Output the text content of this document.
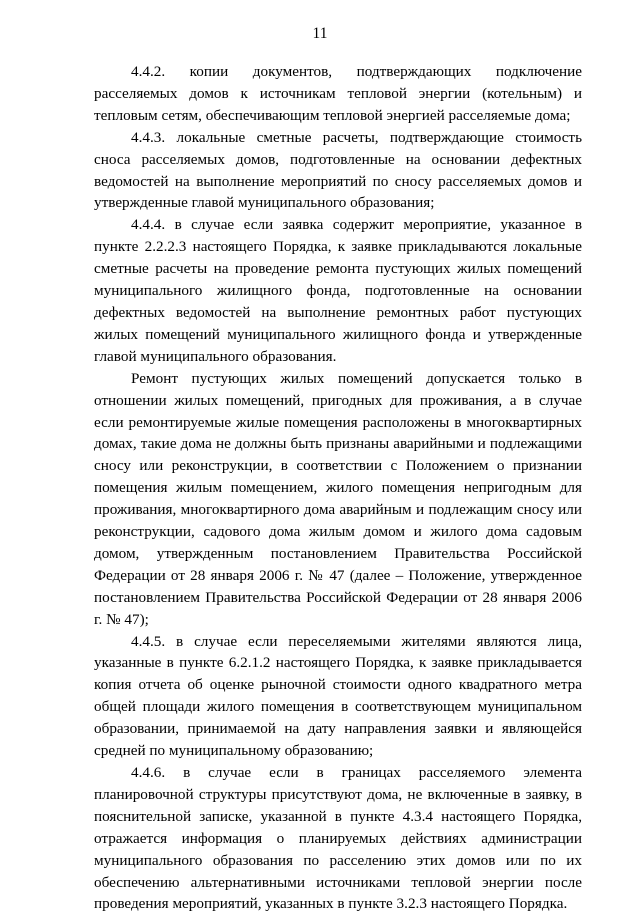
11

4.4.2. копии документов, подтверждающих подключение расселяемых домов к источникам тепловой энергии (котельным) и тепловым сетям, обеспечивающим тепловой энергией расселяемые дома;

4.4.3. локальные сметные расчеты, подтверждающие стоимость сноса расселяемых домов, подготовленные на основании дефектных ведомостей на выполнение мероприятий по сносу расселяемых домов и утвержденные главой муниципального образования;

4.4.4. в случае если заявка содержит мероприятие, указанное в пункте 2.2.2.3 настоящего Порядка, к заявке прикладываются локальные сметные расчеты на проведение ремонта пустующих жилых помещений муниципального жилищного фонда, подготовленные на основании дефектных ведомостей на выполнение ремонтных работ пустующих жилых помещений муниципального жилищного фонда и утвержденные главой муниципального образования.

Ремонт пустующих жилых помещений допускается только в отношении жилых помещений, пригодных для проживания, а в случае если ремонтируемые жилые помещения расположены в многоквартирных домах, такие дома не должны быть признаны аварийными и подлежащими сносу или реконструкции, в соответствии с Положением о признании помещения жилым помещением, жилого помещения непригодным для проживания, многоквартирного дома аварийным и подлежащим сносу или реконструкции, садового дома жилым домом и жилого дома садовым домом, утвержденным постановлением Правительства Российской Федерации от 28 января 2006 г. № 47 (далее – Положение, утвержденное постановлением Правительства Российской Федерации от 28 января 2006 г. № 47);

4.4.5. в случае если переселяемыми жителями являются лица, указанные в пункте 6.2.1.2 настоящего Порядка, к заявке прикладывается копия отчета об оценке рыночной стоимости одного квадратного метра общей площади жилого помещения в соответствующем муниципальном образовании, принимаемой на дату направления заявки и являющейся средней по муниципальному образованию;

4.4.6. в случае если в границах расселяемого элемента планировочной структуры присутствуют дома, не включенные в заявку, в пояснительной записке, указанной в пункте 4.3.4 настоящего Порядка, отражается информация о планируемых действиях администрации муниципального образования по расселению этих домов или по их обеспечению альтернативными источниками тепловой энергии после проведения мероприятий, указанных в пункте 3.2.3 настоящего Порядка.
